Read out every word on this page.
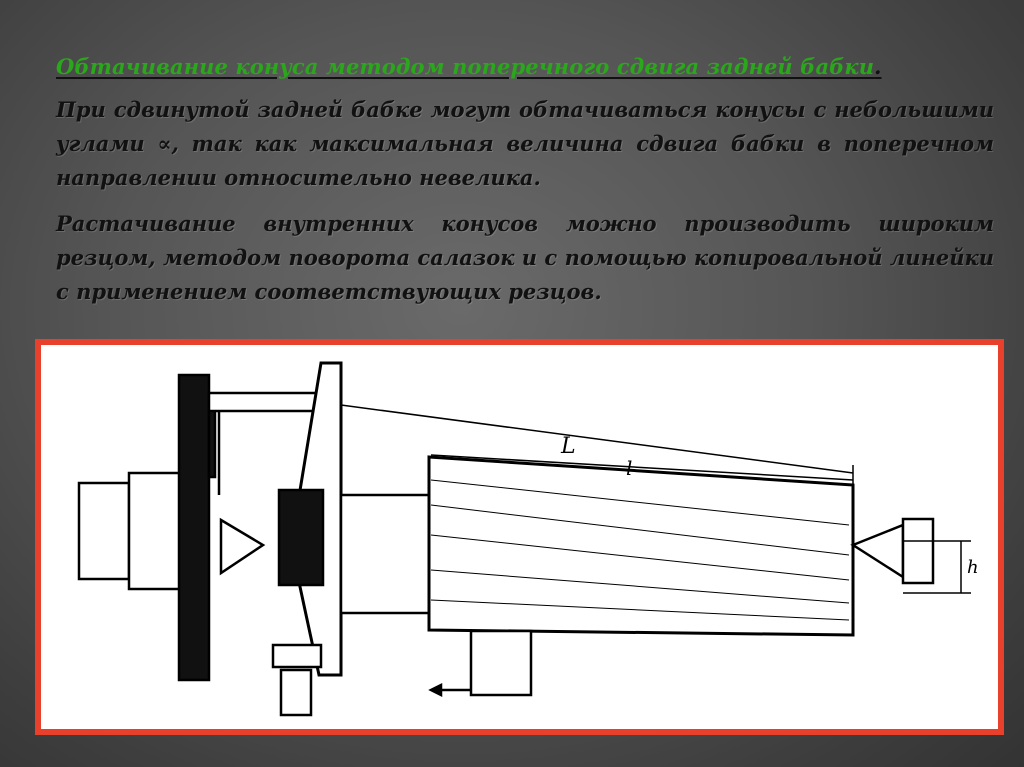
Обтачивание конуса методом поперечного сдвига задней бабки.

При сдвинутой задней бабке могут обтачиваться конусы с небольшими углами ∝, так как максимальная величина сдвига бабки в поперечном направлении относительно невелика.

Растачивание внутренних конусов можно производить широким резцом, методом поворота салазок и с помощью копировальной линейки с применением соответствующих резцов.

L
l
h
